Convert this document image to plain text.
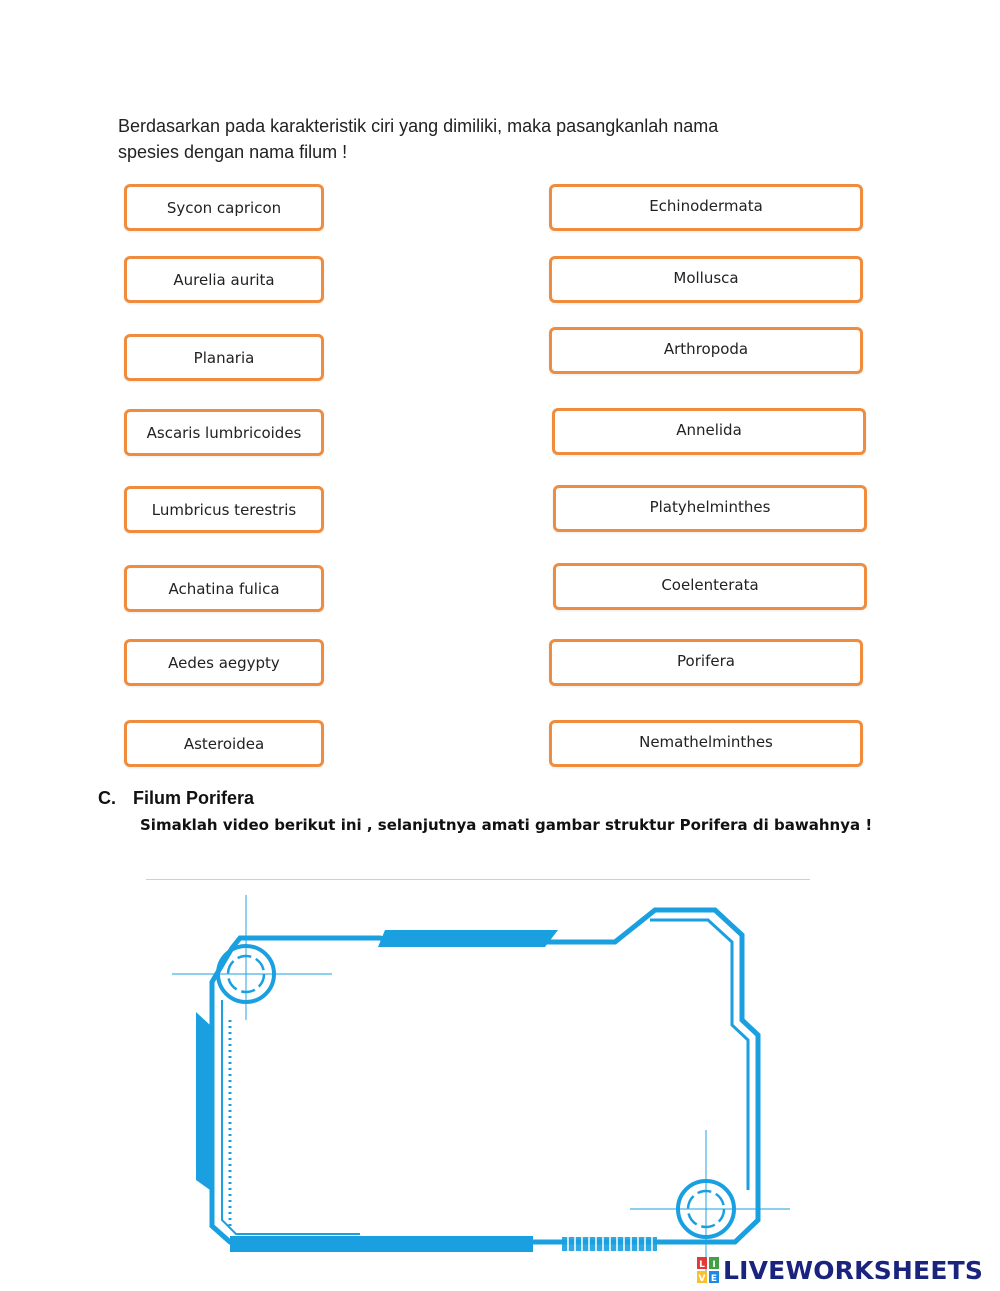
Berdasarkan pada karakteristik ciri yang dimiliki, maka pasangkanlah nama
spesies dengan nama filum !
Sycon capricon
Aurelia aurita
Planaria
Ascaris lumbricoides
Lumbricus terestris
Achatina fulica
Aedes aegypty
Asteroidea
Echinodermata
Mollusca
Arthropoda
Annelida
Platyhelminthes
Coelenterata
Porifera
Nemathelminthes
C. Filum Porifera
Simaklah video berikut ini , selanjutnya amati gambar struktur Porifera di bawahnya !
L I
V E LIVEWORKSHEETS
